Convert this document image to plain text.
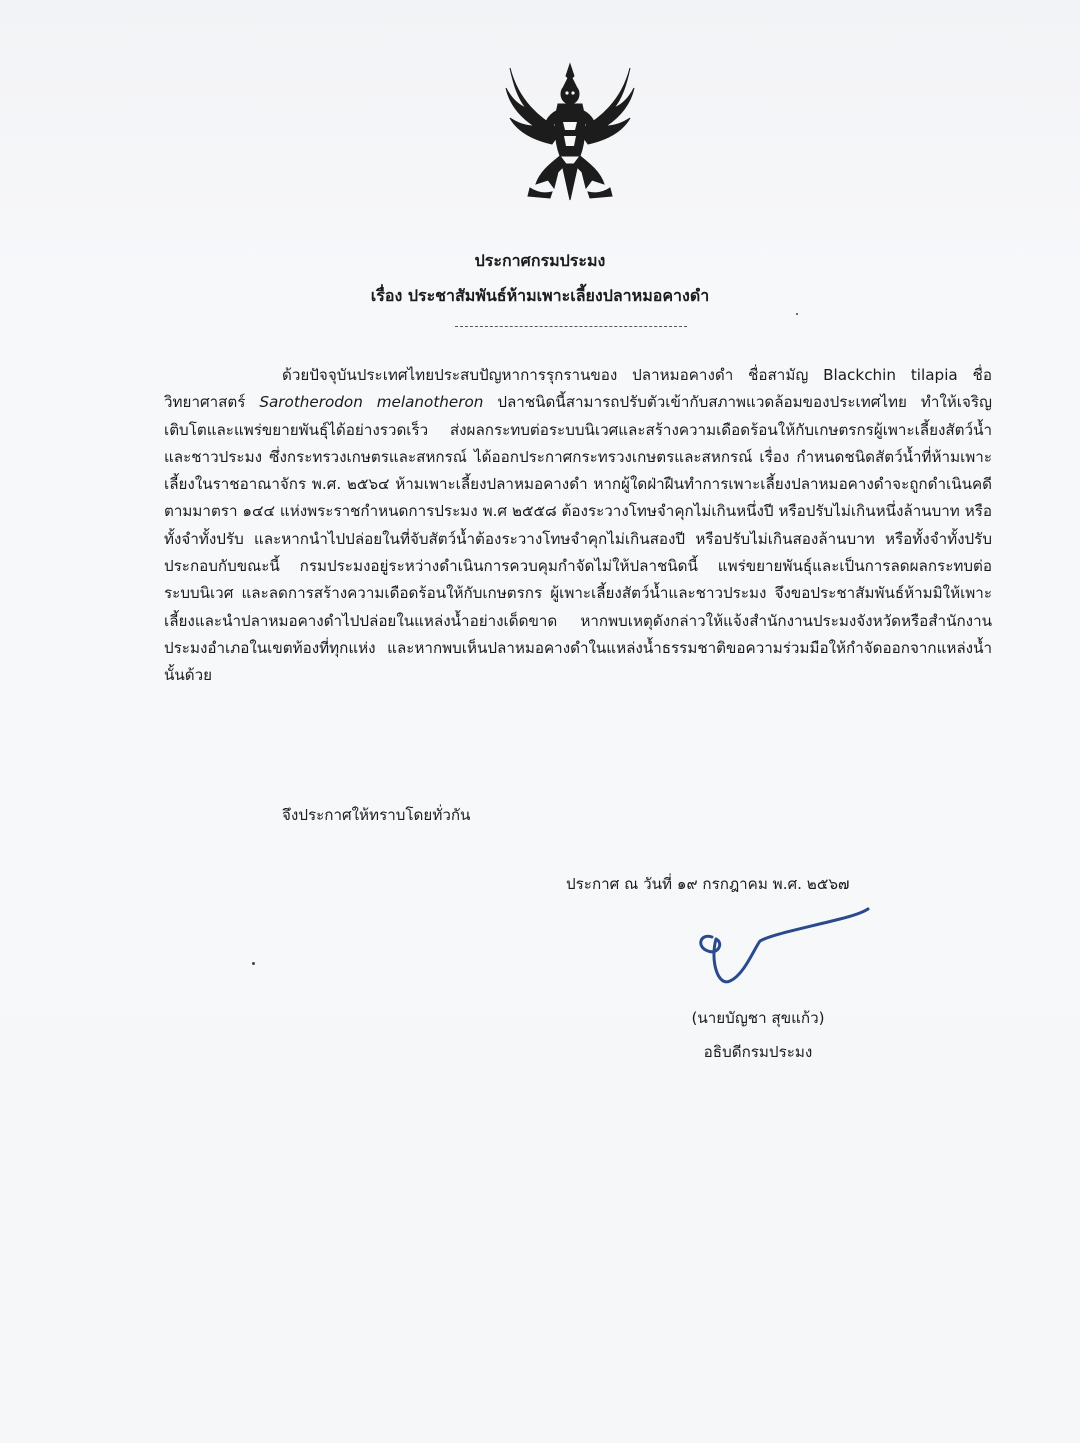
ประกาศกรมประมง
เรื่อง ประชาสัมพันธ์ห้ามเพาะเลี้ยงปลาหมอคางดำ

ด้วยปัจจุบันประเทศไทยประสบปัญหาการรุกรานของ ปลาหมอคางดำ ชื่อสามัญ Blackchin tilapia ชื่อวิทยาศาสตร์ Sarotherodon melanotheron ปลาชนิดนี้สามารถปรับตัวเข้ากับสภาพแวดล้อมของประเทศไทย ทำให้เจริญเติบโตและแพร่ขยายพันธุ์ได้อย่างรวดเร็ว ส่งผลกระทบต่อระบบนิเวศและสร้างความเดือดร้อนให้กับเกษตรกรผู้เพาะเลี้ยงสัตว์น้ำและชาวประมง ซึ่งกระทรวงเกษตรและสหกรณ์ ได้ออกประกาศกระทรวงเกษตรและสหกรณ์ เรื่อง กำหนดชนิดสัตว์น้ำที่ห้ามเพาะเลี้ยงในราชอาณาจักร พ.ศ. ๒๕๖๔ ห้ามเพาะเลี้ยงปลาหมอคางดำ หากผู้ใดฝ่าฝืนทำการเพาะเลี้ยงปลาหมอคางดำจะถูกดำเนินคดีตามมาตรา ๑๔๔ แห่งพระราชกำหนดการประมง พ.ศ ๒๕๕๘ ต้องระวางโทษจำคุกไม่เกินหนึ่งปี หรือปรับไม่เกินหนึ่งล้านบาท หรือทั้งจำทั้งปรับ และหากนำไปปล่อยในที่จับสัตว์น้ำต้องระวางโทษจำคุกไม่เกินสองปี หรือปรับไม่เกินสองล้านบาท หรือทั้งจำทั้งปรับ ประกอบกับขณะนี้ กรมประมงอยู่ระหว่างดำเนินการควบคุมกำจัดไม่ให้ปลาชนิดนี้ แพร่ขยายพันธุ์และเป็นการลดผลกระทบต่อระบบนิเวศ และลดการสร้างความเดือดร้อนให้กับเกษตรกร ผู้เพาะเลี้ยงสัตว์น้ำและชาวประมง จึงขอประชาสัมพันธ์ห้ามมิให้เพาะเลี้ยงและนำปลาหมอคางดำไปปล่อยในแหล่งน้ำอย่างเด็ดขาด หากพบเหตุดังกล่าวให้แจ้งสำนักงานประมงจังหวัดหรือสำนักงานประมงอำเภอในเขตท้องที่ทุกแห่ง และหากพบเห็นปลาหมอคางดำในแหล่งน้ำธรรมชาติขอความร่วมมือให้กำจัดออกจากแหล่งน้ำนั้นด้วย

จึงประกาศให้ทราบโดยทั่วกัน
ประกาศ ณ วันที่ ๑๙ กรกฎาคม พ.ศ. ๒๕๖๗
(นายบัญชา สุขแก้ว)
อธิบดีกรมประมง
